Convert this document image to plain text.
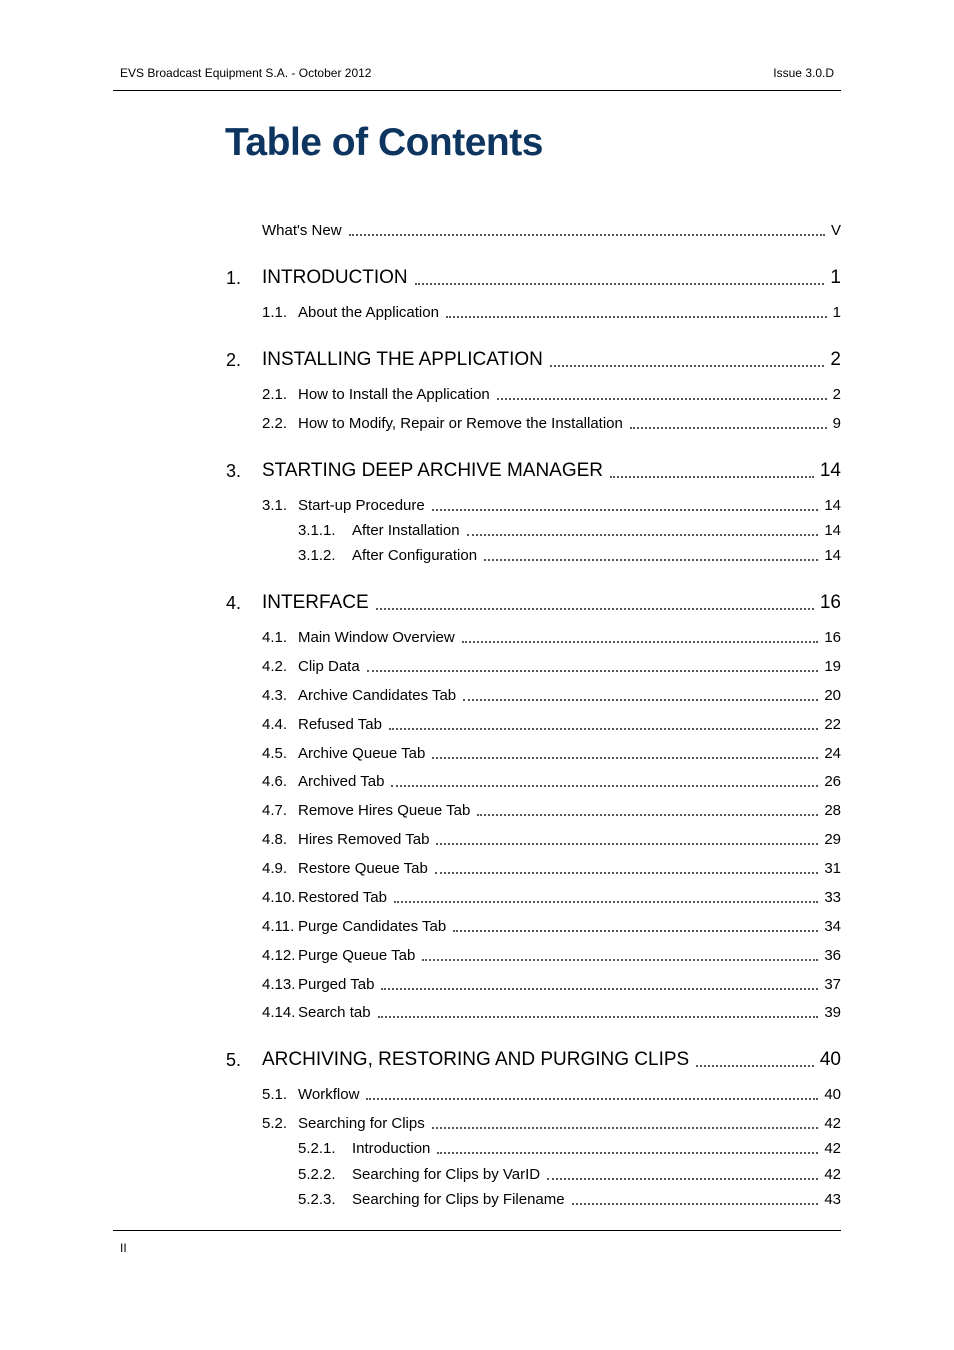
EVS Broadcast Equipment S.A. - October 2012	Issue 3.0.D
Table of Contents
What's New	V
1. INTRODUCTION	1
1.1. About the Application	1
2. INSTALLING THE APPLICATION	2
2.1. How to Install the Application	2
2.2. How to Modify, Repair or Remove the Installation	9
3. STARTING DEEP ARCHIVE MANAGER	14
3.1. Start-up Procedure	14
3.1.1.	After Installation	14
3.1.2.	After Configuration	14
4. INTERFACE	16
4.1. Main Window Overview	16
4.2. Clip Data	19
4.3. Archive Candidates Tab	20
4.4. Refused Tab	22
4.5. Archive Queue Tab	24
4.6. Archived Tab	26
4.7. Remove Hires Queue Tab	28
4.8. Hires Removed Tab	29
4.9. Restore Queue Tab	31
4.10. Restored Tab	33
4.11. Purge Candidates Tab	34
4.12. Purge Queue Tab	36
4.13. Purged Tab	37
4.14. Search tab	39
5. ARCHIVING, RESTORING AND PURGING CLIPS	40
5.1. Workflow	40
5.2. Searching for Clips	42
5.2.1.	Introduction	42
5.2.2.	Searching for Clips by VarID	42
5.2.3.	Searching for Clips by Filename	43
II
